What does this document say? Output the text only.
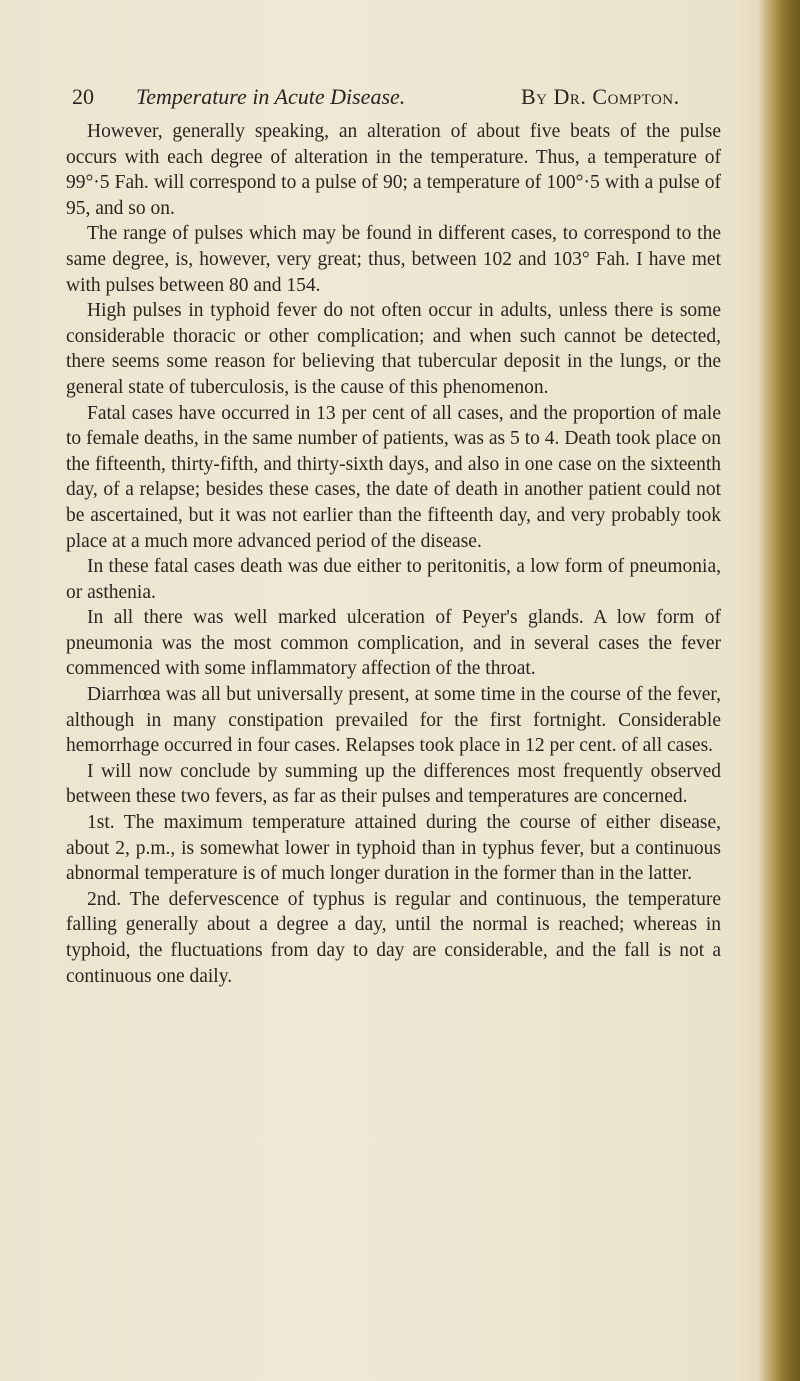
20 Temperature in Acute Disease.	By Dr. Compton.

However, generally speaking, an alteration of about five beats of the pulse occurs with each degree of alteration in the temperature. Thus, a temperature of 99°·5 Fah. will correspond to a pulse of 90; a temperature of 100°·5 with a pulse of 95, and so on.

The range of pulses which may be found in different cases, to correspond to the same degree, is, however, very great; thus, between 102 and 103° Fah. I have met with pulses between 80 and 154.

High pulses in typhoid fever do not often occur in adults, unless there is some considerable thoracic or other complication; and when such cannot be detected, there seems some reason for believing that tubercular deposit in the lungs, or the general state of tuberculosis, is the cause of this phenomenon.

Fatal cases have occurred in 13 per cent of all cases, and the proportion of male to female deaths, in the same number of patients, was as 5 to 4. Death took place on the fifteenth, thirty-fifth, and thirty-sixth days, and also in one case on the sixteenth day, of a relapse; besides these cases, the date of death in another patient could not be ascertained, but it was not earlier than the fifteenth day, and very probably took place at a much more advanced period of the disease.

In these fatal cases death was due either to peritonitis, a low form of pneumonia, or asthenia.

In all there was well marked ulceration of Peyer's glands. A low form of pneumonia was the most common complication, and in several cases the fever commenced with some inflammatory affection of the throat.

Diarrhœa was all but universally present, at some time in the course of the fever, although in many constipation prevailed for the first fortnight. Considerable hemorrhage occurred in four cases. Relapses took place in 12 per cent. of all cases.

I will now conclude by summing up the differences most frequently observed between these two fevers, as far as their pulses and temperatures are concerned.

1st. The maximum temperature attained during the course of either disease, about 2, p.m., is somewhat lower in typhoid than in typhus fever, but a continuous abnormal temperature is of much longer duration in the former than in the latter.

2nd. The defervescence of typhus is regular and continuous, the temperature falling generally about a degree a day, until the normal is reached; whereas in typhoid, the fluctuations from day to day are considerable, and the fall is not a continuous one daily.
